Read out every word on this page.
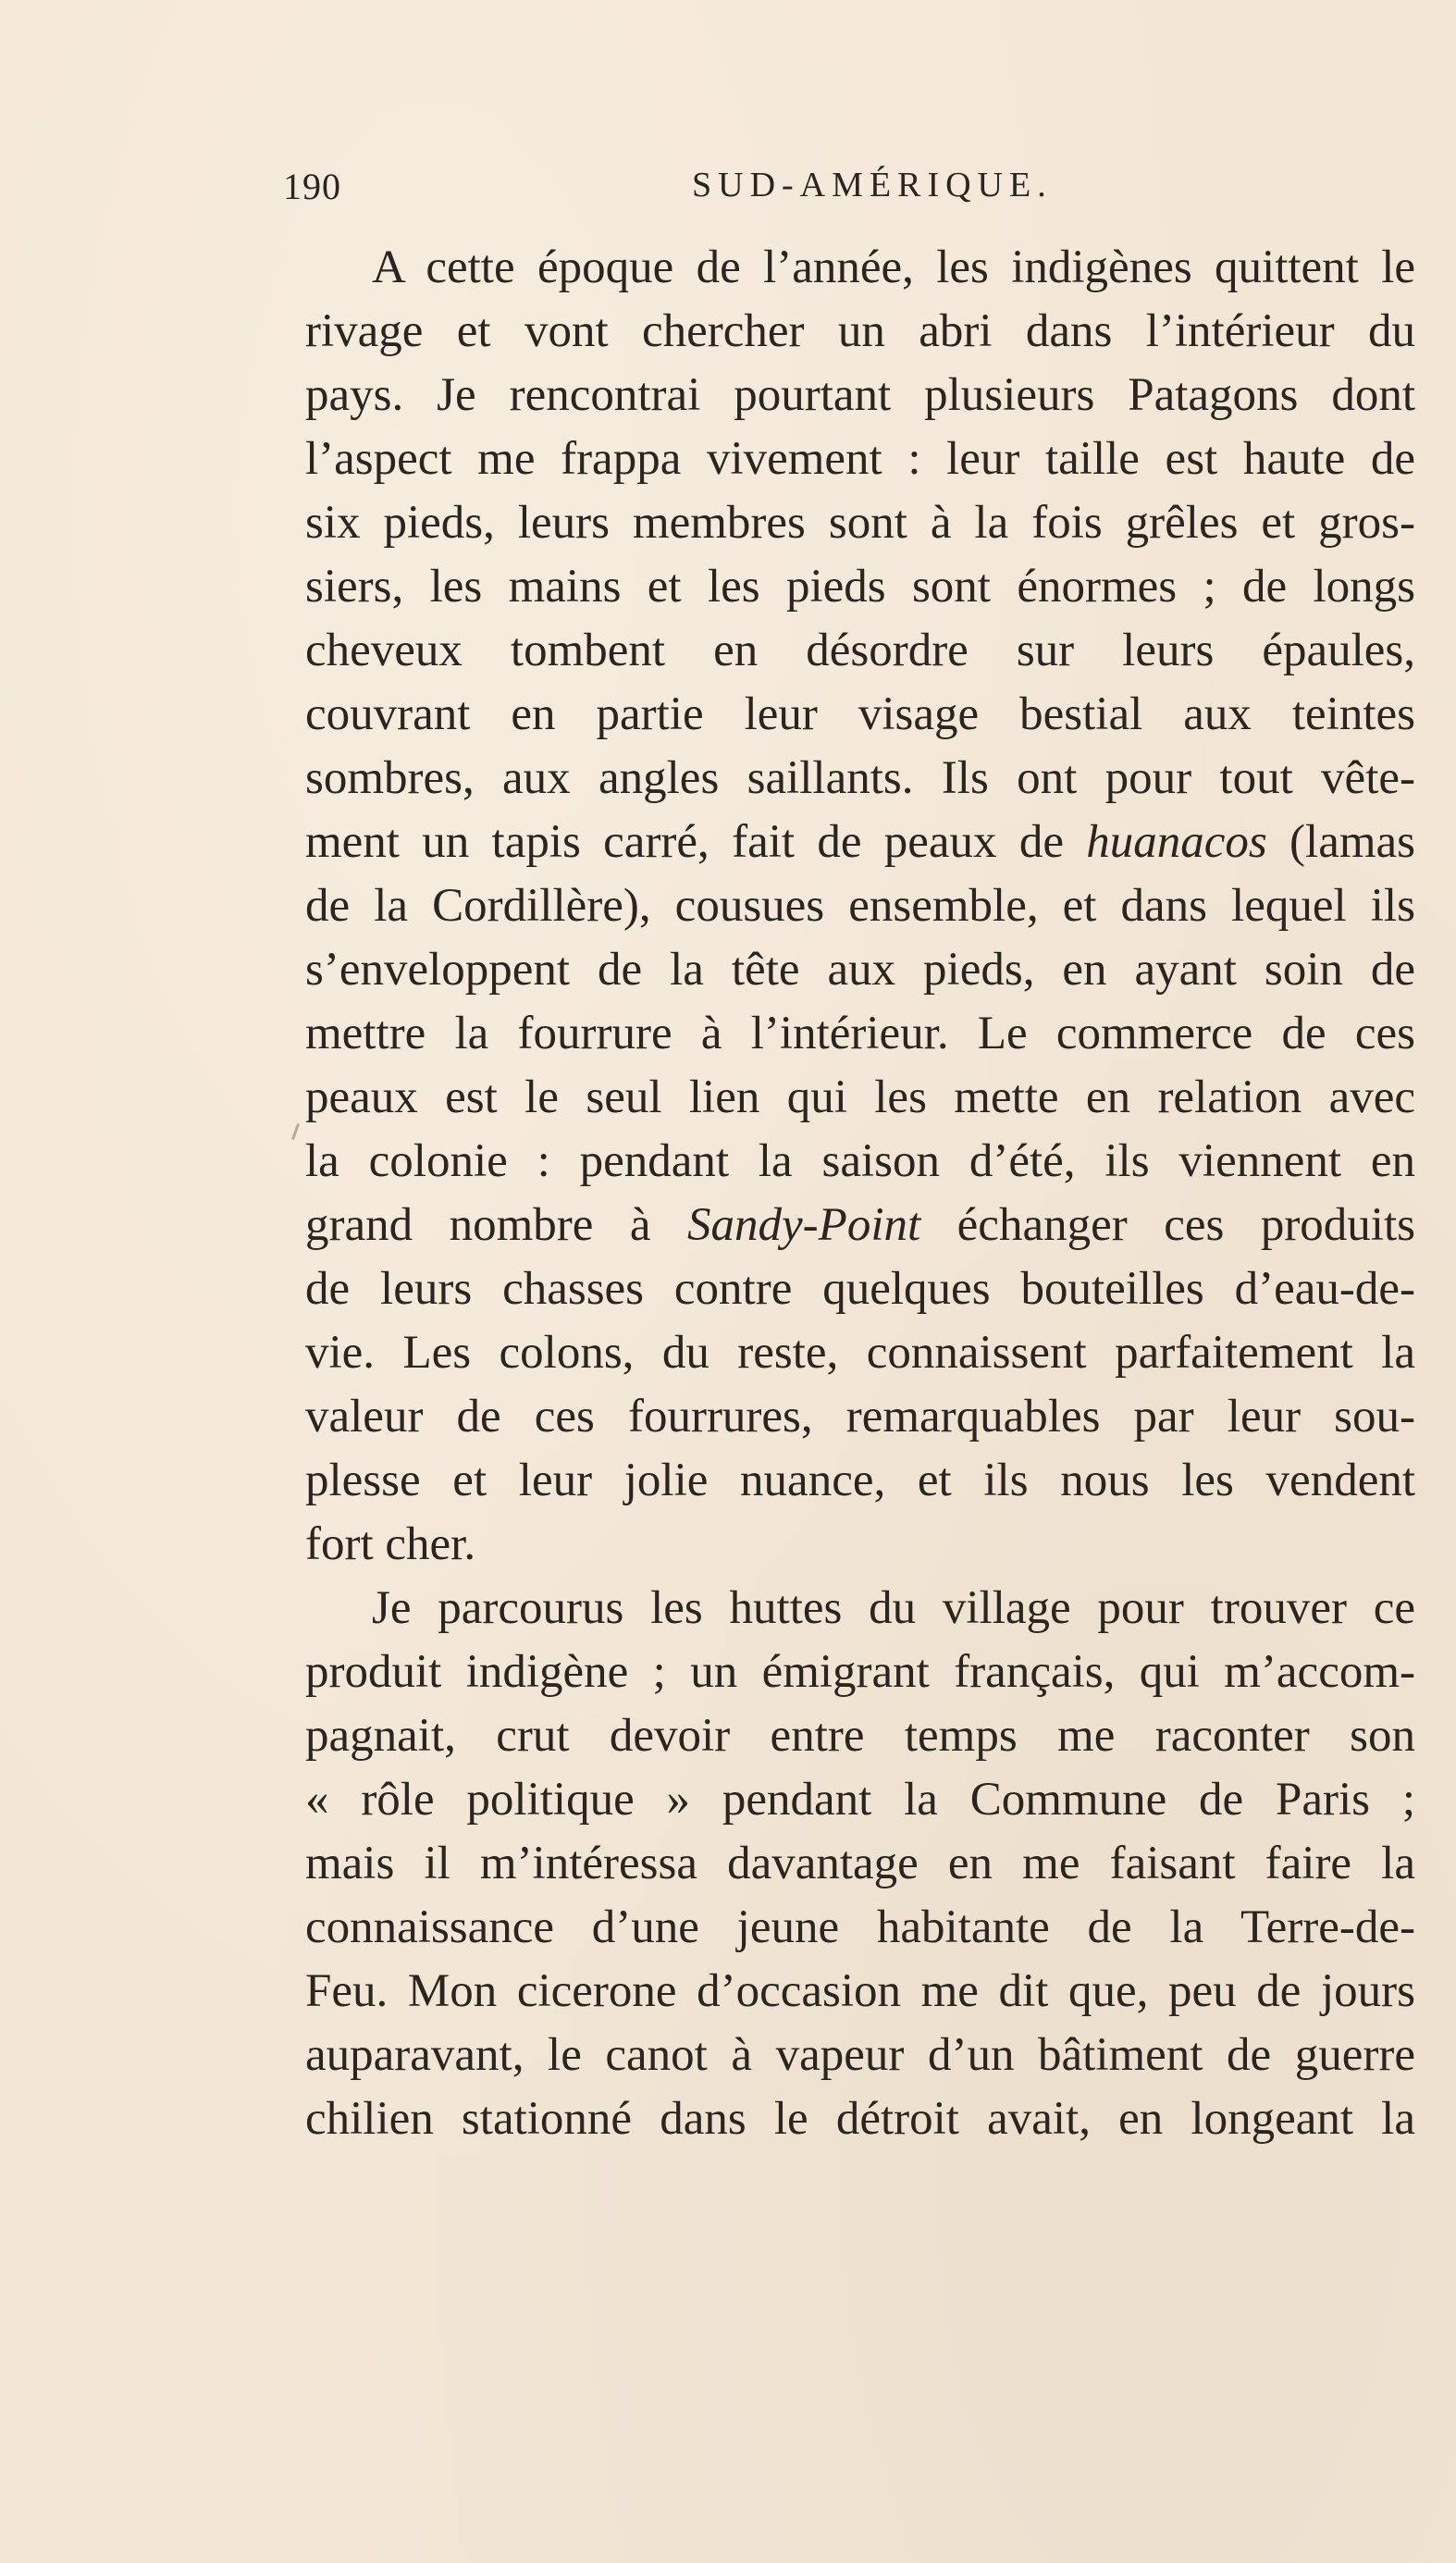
190	SUD-AMÉRIQUE.
A cette époque de l’année, les indigènes quittent le
rivage et vont chercher un abri dans l’intérieur du
pays. Je rencontrai pourtant plusieurs Patagons dont
l’aspect me frappa vivement : leur taille est haute de
six pieds, leurs membres sont à la fois grêles et gros-
siers, les mains et les pieds sont énormes ; de longs
cheveux tombent en désordre sur leurs épaules,
couvrant en partie leur visage bestial aux teintes
sombres, aux angles saillants. Ils ont pour tout vête-
ment un tapis carré, fait de peaux de huanacos (lamas
de la Cordillère), cousues ensemble, et dans lequel ils
s’enveloppent de la tête aux pieds, en ayant soin de
mettre la fourrure à l’intérieur. Le commerce de ces
peaux est le seul lien qui les mette en relation avec
la colonie : pendant la saison d’été, ils viennent en
grand nombre à Sandy-Point échanger ces produits
de leurs chasses contre quelques bouteilles d’eau-de-
vie. Les colons, du reste, connaissent parfaitement la
valeur de ces fourrures, remarquables par leur sou-
plesse et leur jolie nuance, et ils nous les vendent
fort cher.
Je parcourus les huttes du village pour trouver ce
produit indigène ; un émigrant français, qui m’accom-
pagnait, crut devoir entre temps me raconter son
« rôle politique » pendant la Commune de Paris ;
mais il m’intéressa davantage en me faisant faire la
connaissance d’une jeune habitante de la Terre-de-
Feu. Mon cicerone d’occasion me dit que, peu de jours
auparavant, le canot à vapeur d’un bâtiment de guerre
chilien stationné dans le détroit avait, en longeant la
